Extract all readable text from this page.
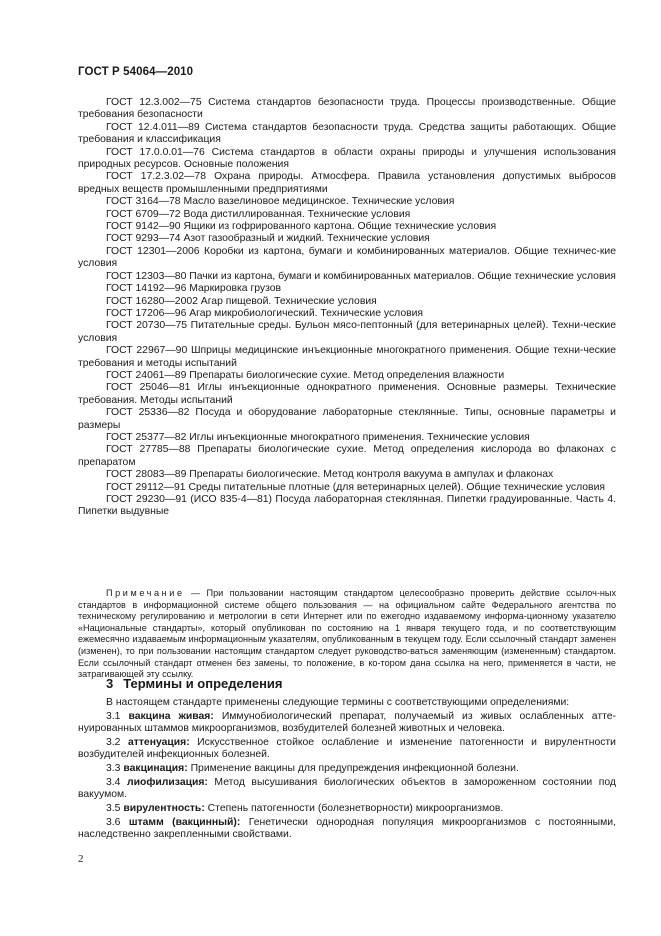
ГОСТ Р 54064—2010

ГОСТ 12.3.002—75 Система стандартов безопасности труда. Процессы производственные. Общие требования безопасности

ГОСТ 12.4.011—89 Система стандартов безопасности труда. Средства защиты работающих. Общие требования и классификация

ГОСТ 17.0.0.01—76 Система стандартов в области охраны природы и улучшения использования природных ресурсов. Основные положения

ГОСТ 17.2.3.02—78 Охрана природы. Атмосфера. Правила установления допустимых выбросов вредных веществ промышленными предприятиями

ГОСТ 3164—78 Масло вазелиновое медицинское. Технические условия

ГОСТ 6709—72 Вода дистиллированная. Технические условия

ГОСТ 9142—90 Ящики из гофрированного картона. Общие технические условия

ГОСТ 9293—74 Азот газообразный и жидкий. Технические условия

ГОСТ 12301—2006 Коробки из картона, бумаги и комбинированных материалов. Общие техничес-кие условия

ГОСТ 12303—80 Пачки из картона, бумаги и комбинированных материалов. Общие технические условия

ГОСТ 14192—96 Маркировка грузов

ГОСТ 16280—2002 Агар пищевой. Технические условия

ГОСТ 17206—96 Агар микробиологический. Технические условия

ГОСТ 20730—75 Питательные среды. Бульон мясо-пептонный (для ветеринарных целей). Техни-ческие условия

ГОСТ 22967—90 Шприцы медицинские инъекционные многократного применения. Общие техни-ческие требования и методы испытаний

ГОСТ 24061—89 Препараты биологические сухие. Метод определения влажности

ГОСТ 25046—81 Иглы инъекционные однократного применения. Основные размеры. Технические требования. Методы испытаний

ГОСТ 25336—82 Посуда и оборудование лабораторные стеклянные. Типы, основные параметры и размеры

ГОСТ 25377—82 Иглы инъекционные многократного применения. Технические условия

ГОСТ 27785—88 Препараты биологические сухие. Метод определения кислорода во флаконах с препаратом

ГОСТ 28083—89 Препараты биологические. Метод контроля вакуума в ампулах и флаконах

ГОСТ 29112—91 Среды питательные плотные (для ветеринарных целей). Общие технические условия

ГОСТ 29230—91 (ИСО 835-4—81) Посуда лабораторная стеклянная. Пипетки градуированные. Часть 4. Пипетки выдувные

Примечание — При пользовании настоящим стандартом целесообразно проверить действие ссылоч-ных стандартов в информационной системе общего пользования — на официальном сайте Федерального агентства по техническому регулированию и метрологии в сети Интернет или по ежегодно издаваемому информа-ционному указателю «Национальные стандарты», который опубликован по состоянию на 1 января текущего года, и по соответствующим ежемесячно издаваемым информационным указателям, опубликованным в текущем году. Если ссылочный стандарт заменен (изменен), то при пользовании настоящим стандартом следует руководство-ваться заменяющим (измененным) стандартом. Если ссылочный стандарт отменен без замены, то положение, в ко-тором дана ссылка на него, применяется в части, не затрагивающей эту ссылку.

3 Термины и определения

В настоящем стандарте применены следующие термины с соответствующими определениями:

3.1 вакцина живая: Иммунобиологический препарат, получаемый из живых ослабленных атте-нуированных штаммов микроорганизмов, возбудителей болезней животных и человека.

3.2 аттенуация: Искусственное стойкое ослабление и изменение патогенности и вирулентности возбудителей инфекционных болезней.

3.3 вакцинация: Применение вакцины для предупреждения инфекционной болезни.

3.4 лиофилизация: Метод высушивания биологических объектов в замороженном состоянии под вакуумом.

3.5 вирулентность: Степень патогенности (болезнетворности) микроорганизмов.

3.6 штамм (вакцинный): Генетически однородная популяция микроорганизмов с постоянными, наследственно закрепленными свойствами.

2
